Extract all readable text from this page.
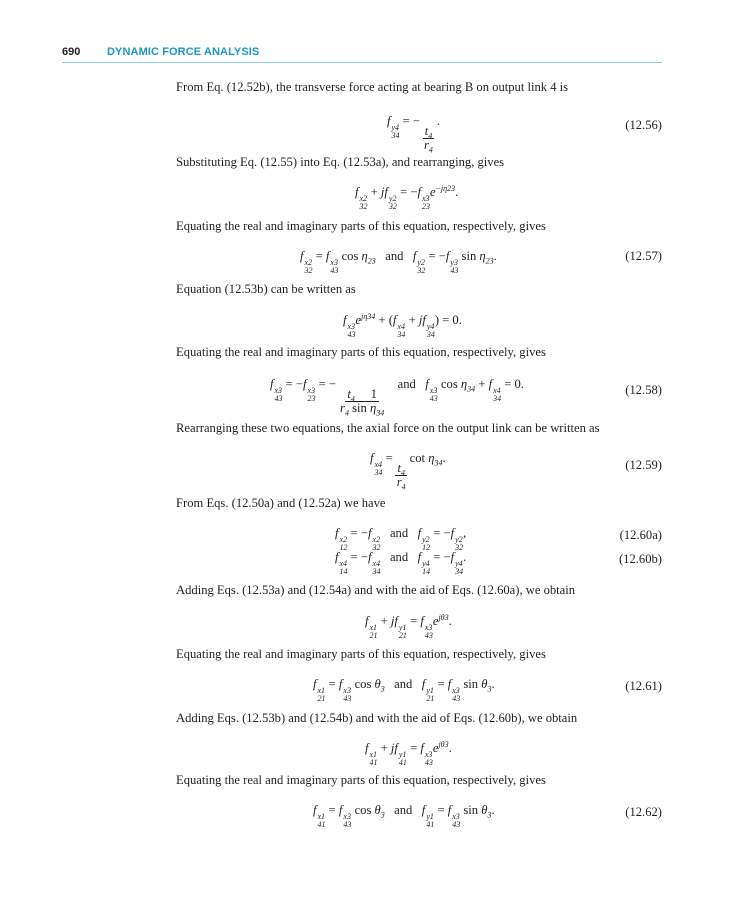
690 DYNAMIC FORCE ANALYSIS
From Eq. (12.52b), the transverse force acting at bearing B on output link 4 is
f y4
34
= −
$\frac{t_4}{r_4}$
.	(12.56)
Substituting Eq. (12.55) into Eq. (12.53a), and rearranging, gives
f x2
32
+ jf y2
32
= −f x3
23
$e^{-j\eta 23}$.
Equating the real and imaginary parts of this equation, respectively, gives
f x2
32
= f x3
43
$\cos \eta_{23}$ and   f y2
32
= −f y3
43
$\sin \eta_{23}$.	(12.57)
Equation (12.53b) can be written as
f x3
43
$e^{j\eta 34} + (f$ x4
34
+ jf y4
34
) = 0.
Equating the real and imaginary parts of this equation, respectively, gives
f x3
43
= −f x3
23
= −
$\frac{t_4 1}{r_4 \sin \eta_{34}}$
and   f x3
43
$\cos \eta_{34} + f$ x4
34
= 0.	(12.58)
Rearranging these two equations, the axial force on the output link can be written as
f x4
34
=
$\frac{t_4}{r_4}$
$\cot \eta_{34}$.	(12.59)
From Eqs. (12.50a) and (12.52a) we have
f x2
12
= −f x2
32
and   f y2
12
= −f y2
32
,	(12.60a)
f x4
14
= −f x4
34
and   f y4
14
= −f y4
34
.	(12.60b)
Adding Eqs. (12.53a) and (12.54a) and with the aid of Eqs. (12.60a), we obtain
f x1
21
+ jf y1
21
= f x3
43
$e^{j\theta 3}$.
Equating the real and imaginary parts of this equation, respectively, gives
f x1
21
= f x3
43
$\cos \theta_3$ and   f y1
21
= f x3
43
$\sin \theta_3$.	(12.61)
Adding Eqs. (12.53b) and (12.54b) and with the aid of Eqs. (12.60b), we obtain
f x1
41
+ jf y1
41
= f x3
43
$e^{j\theta 3}$.
Equating the real and imaginary parts of this equation, respectively, gives
f x1
41
= f x3
43
$\cos \theta_3$ and   f y1
41
= f x3
43
$\sin \theta_3$.	(12.62)
